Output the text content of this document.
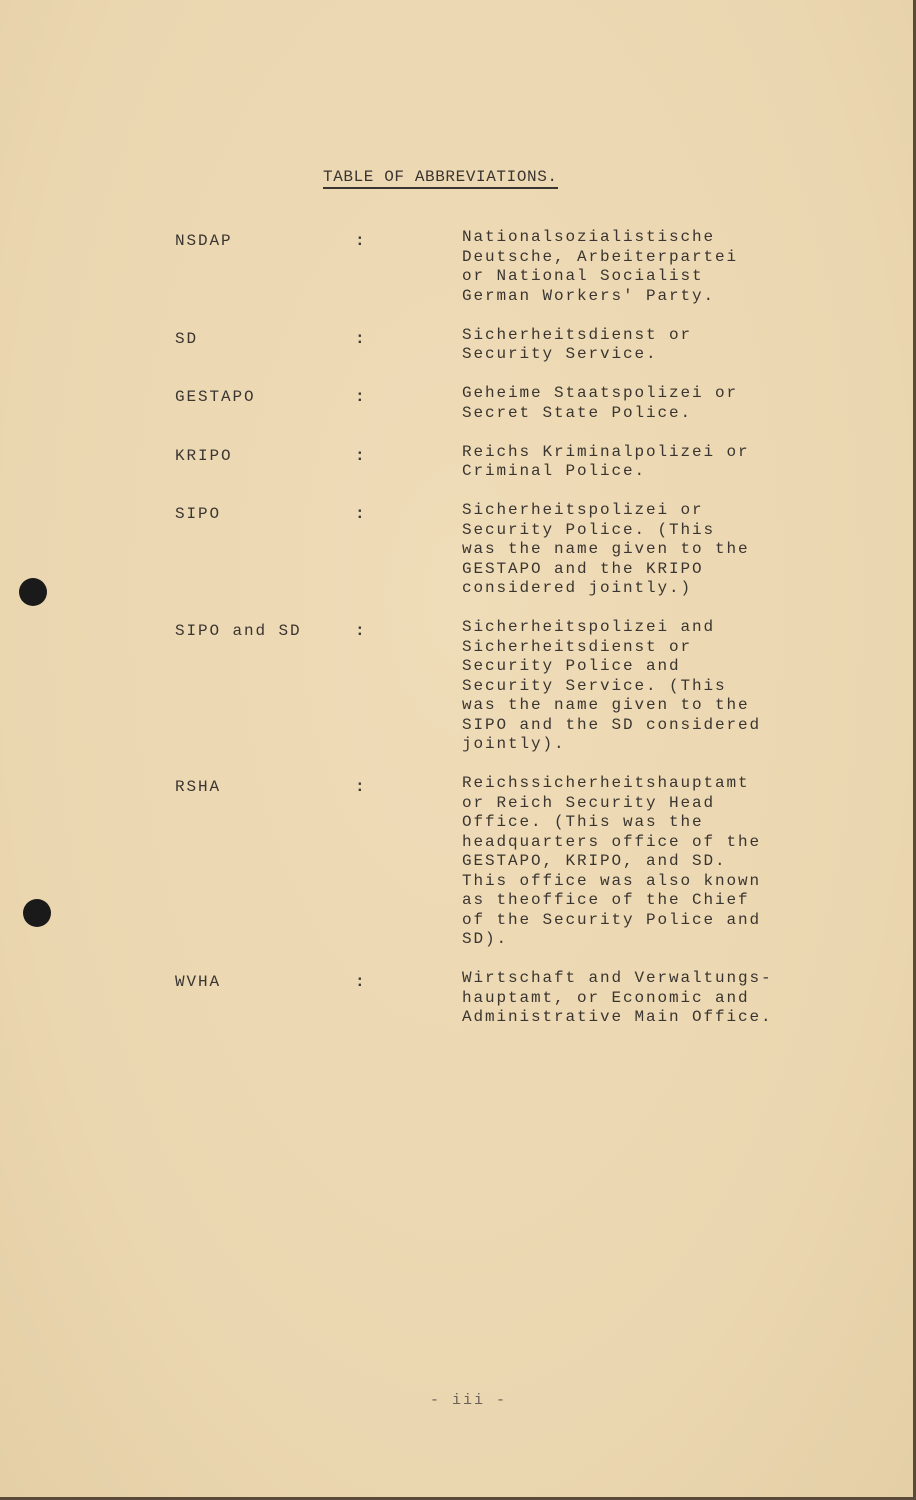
TABLE OF ABBREVIATIONS.
NSDAP	:	Nationalsozialistische
Deutsche, Arbeiterpartei
or National Socialist
German Workers' Party.
SD	:	Sicherheitsdienst or
Security Service.
GESTAPO	:	Geheime Staatspolizei or
Secret State Police.
KRIPO	:	Reichs Kriminalpolizei or
Criminal Police.
SIPO	:	Sicherheitspolizei or
Security Police. (This
was the name given to the
GESTAPO and the KRIPO
considered jointly.)
SIPO and SD	:	Sicherheitspolizei and
Sicherheitsdienst or
Security Police and
Security Service. (This
was the name given to the
SIPO and the SD considered
jointly).
RSHA	:	Reichssicherheitshauptamt
or Reich Security Head
Office. (This was the
headquarters office of the
GESTAPO, KRIPO, and SD.
This office was also known
as theoffice of the Chief
of the Security Police and
SD).
WVHA	:	Wirtschaft and Verwaltungs-
hauptamt, or Economic and
Administrative Main Office.
- iii -
